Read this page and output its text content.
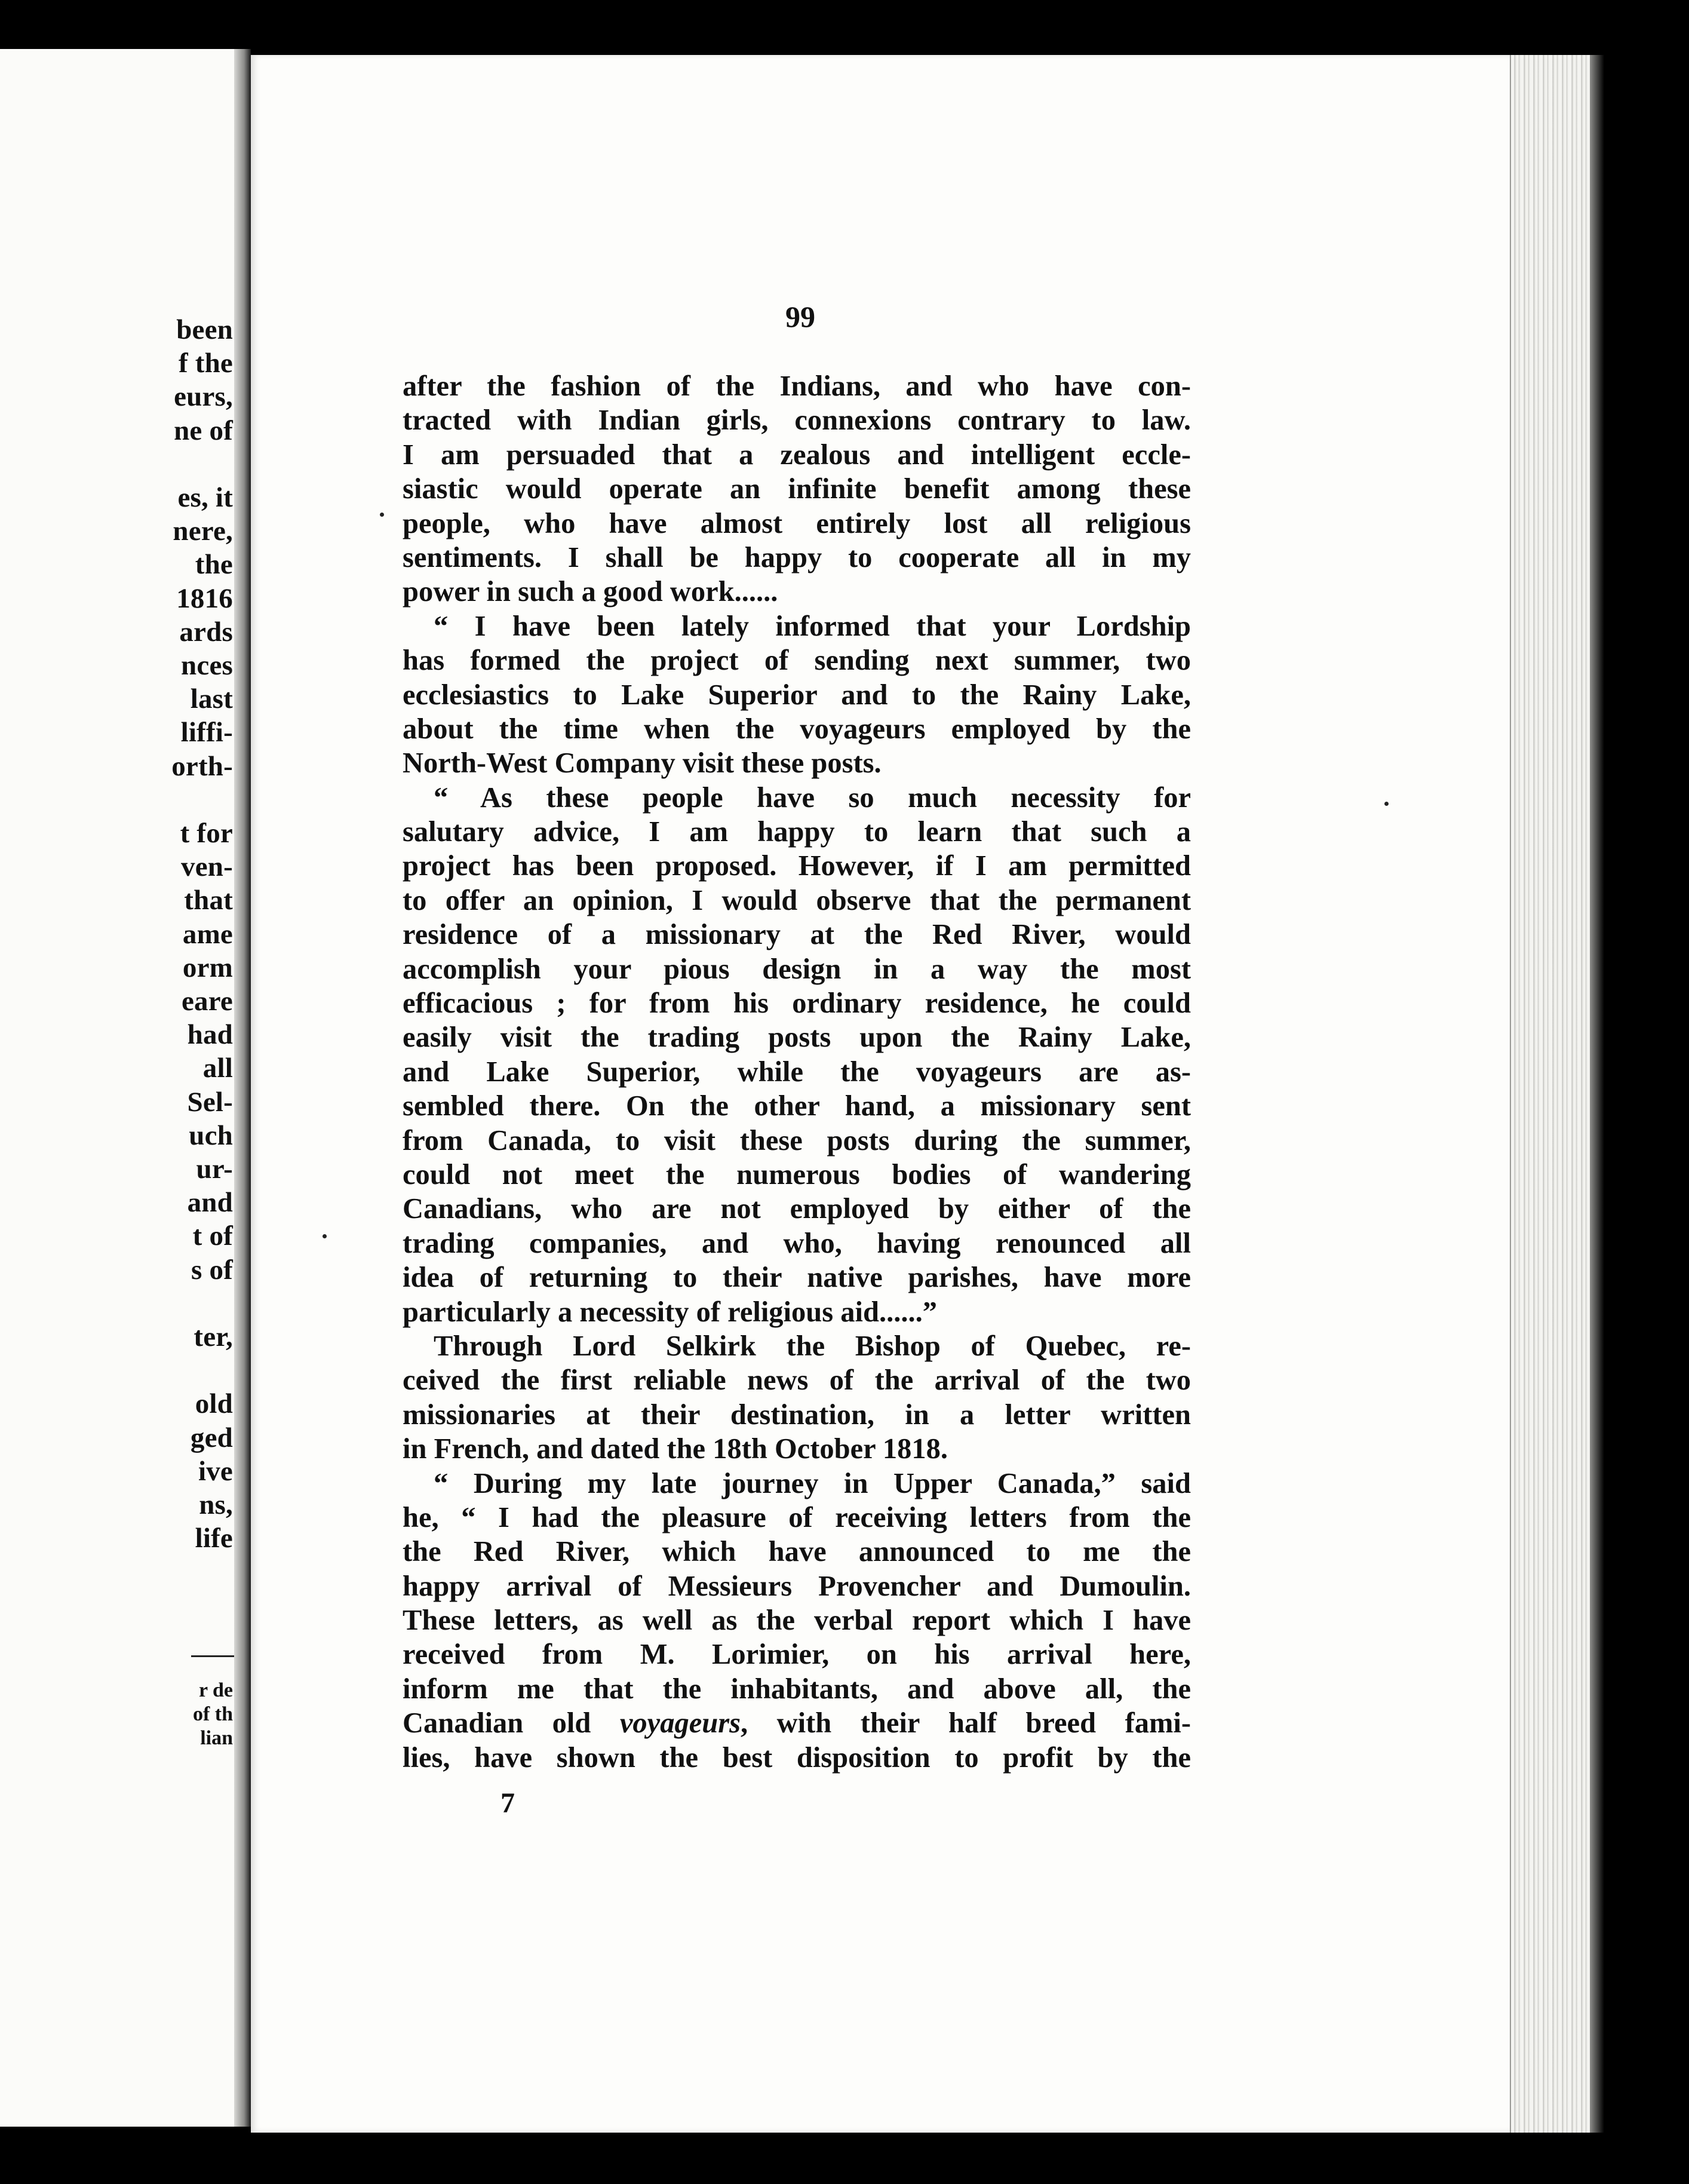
been
f the
eurs,
ne of
es, it
nere,
the
1816
ards
nces
last
liffi-
orth-
t for
ven-
that
ame
orm
eare
had
all
Sel-
uch
ur-
and
t of
s of
ter,
old
ged
ive
ns,
life
r de
of th
lian
99
after the fashion of the Indians, and who have con-
tracted with Indian girls, connexions contrary to law.
I am persuaded that a zealous and intelligent eccle-
siastic would operate an infinite benefit among these
people, who have almost entirely lost all religious
sentiments. I shall be happy to cooperate all in my
power in such a good work......
“ I have been lately informed that your Lordship
has formed the project of sending next summer, two
ecclesiastics to Lake Superior and to the Rainy Lake,
about the time when the voyageurs employed by the
North-West Company visit these posts.
“ As these people have so much necessity for
salutary advice, I am happy to learn that such a
project has been proposed. However, if I am permitted
to offer an opinion, I would observe that the permanent
residence of a missionary at the Red River, would
accomplish your pious design in a way the most
efficacious ; for from his ordinary residence, he could
easily visit the trading posts upon the Rainy Lake,
and Lake Superior, while the voyageurs are as-
sembled there. On the other hand, a missionary sent
from Canada, to visit these posts during the summer,
could not meet the numerous bodies of wandering
Canadians, who are not employed by either of the
trading companies, and who, having renounced all
idea of returning to their native parishes, have more
particularly a necessity of religious aid......”
Through Lord Selkirk the Bishop of Quebec, re-
ceived the first reliable news of the arrival of the two
missionaries at their destination, in a letter written
in French, and dated the 18th October 1818.
“ During my late journey in Upper Canada,” said
he, “ I had the pleasure of receiving letters from the
the Red River, which have announced to me the
happy arrival of Messieurs Provencher and Dumoulin.
These letters, as well as the verbal report which I have
received from M. Lorimier, on his arrival here,
inform me that the inhabitants, and above all, the
Canadian old voyageurs, with their half breed fami-
lies, have shown the best disposition to profit by the
7
